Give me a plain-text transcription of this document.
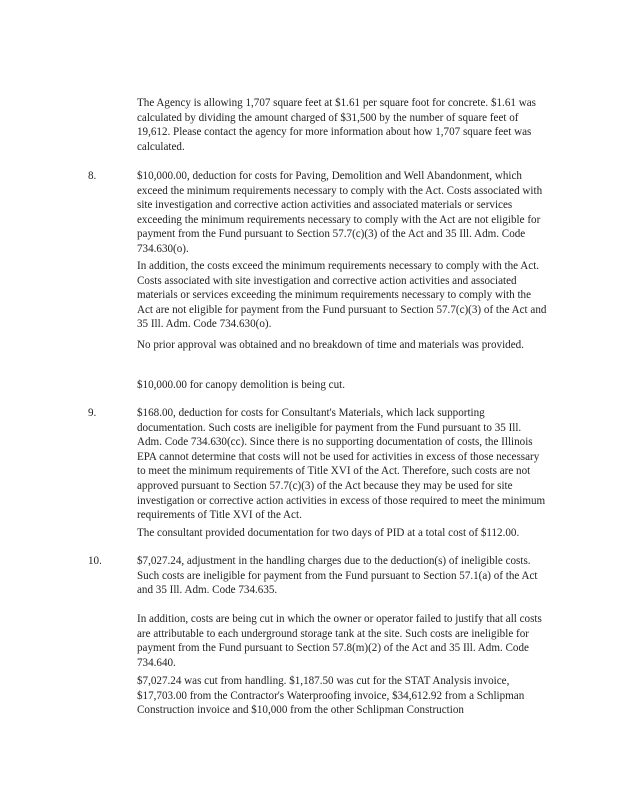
The Agency is allowing 1,707 square feet at $1.61 per square foot for concrete. $1.61 was calculated by dividing the amount charged of $31,500 by the number of square feet of 19,612. Please contact the agency for more information about how 1,707 square feet was calculated.

8.	$10,000.00, deduction for costs for Paving, Demolition and Well Abandonment, which exceed the minimum requirements necessary to comply with the Act. Costs associated with site investigation and corrective action activities and associated materials or services exceeding the minimum requirements necessary to comply with the Act are not eligible for payment from the Fund pursuant to Section 57.7(c)(3) of the Act and 35 Ill. Adm. Code 734.630(o).

In addition, the costs exceed the minimum requirements necessary to comply with the Act. Costs associated with site investigation and corrective action activities and associated materials or services exceeding the minimum requirements necessary to comply with the Act are not eligible for payment from the Fund pursuant to Section 57.7(c)(3) of the Act and 35 Ill. Adm. Code 734.630(o).

No prior approval was obtained and no breakdown of time and materials was provided.

$10,000.00 for canopy demolition is being cut.

9.	$168.00, deduction for costs for Consultant's Materials, which lack supporting documentation. Such costs are ineligible for payment from the Fund pursuant to 35 Ill. Adm. Code 734.630(cc). Since there is no supporting documentation of costs, the Illinois EPA cannot determine that costs will not be used for activities in excess of those necessary to meet the minimum requirements of Title XVI of the Act. Therefore, such costs are not approved pursuant to Section 57.7(c)(3) of the Act because they may be used for site investigation or corrective action activities in excess of those required to meet the minimum requirements of Title XVI of the Act.

The consultant provided documentation for two days of PID at a total cost of $112.00.

10.	$7,027.24, adjustment in the handling charges due to the deduction(s) of ineligible costs. Such costs are ineligible for payment from the Fund pursuant to Section 57.1(a) of the Act and 35 Ill. Adm. Code 734.635.

In addition, costs are being cut in which the owner or operator failed to justify that all costs are attributable to each underground storage tank at the site. Such costs are ineligible for payment from the Fund pursuant to Section 57.8(m)(2) of the Act and 35 Ill. Adm. Code 734.640.

$7,027.24 was cut from handling. $1,187.50 was cut for the STAT Analysis invoice, $17,703.00 from the Contractor's Waterproofing invoice, $34,612.92 from a Schlipman Construction invoice and $10,000 from the other Schlipman Construction
